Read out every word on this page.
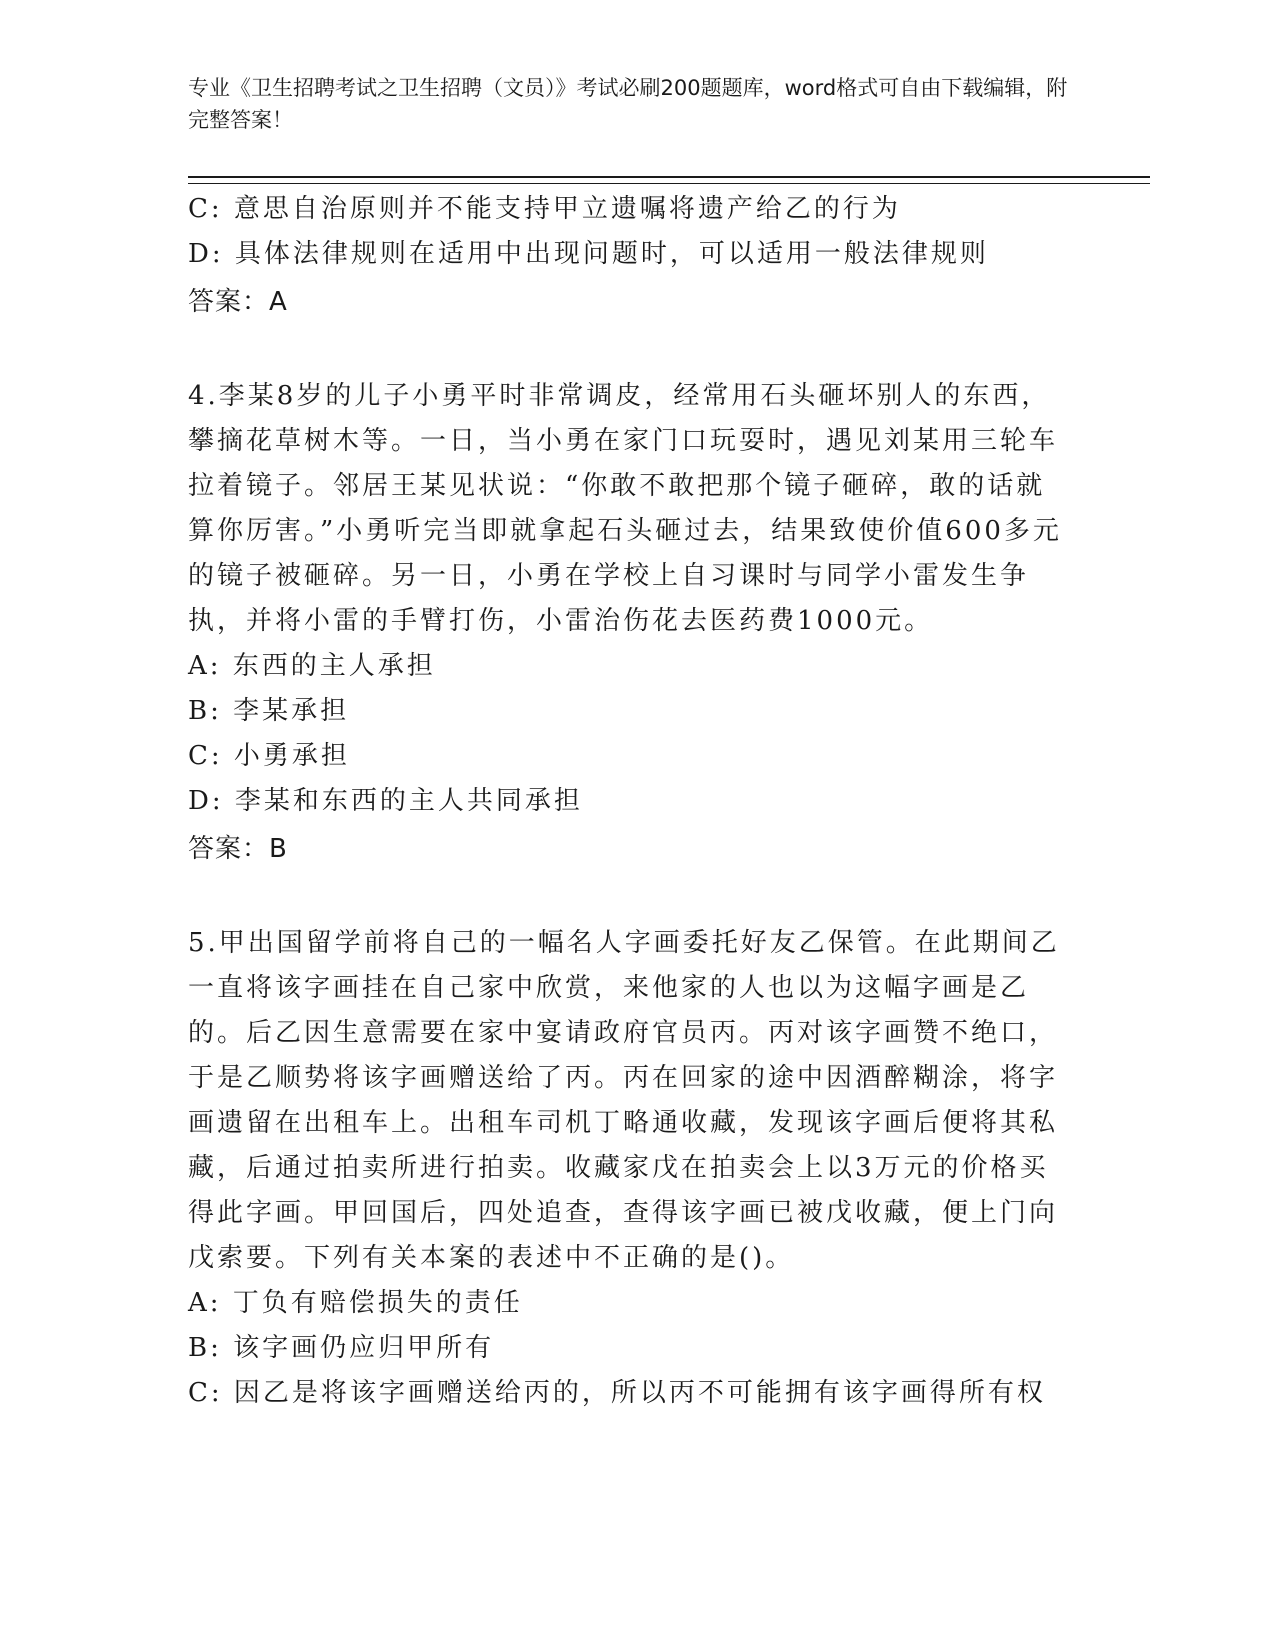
专业《卫生招聘考试之卫生招聘（文员）》考试必刷200题题库，word格式可自由下载编辑，附完整答案！
C: 意思自治原则并不能支持甲立遗嘱将遗产给乙的行为
D: 具体法律规则在适用中出现问题时，可以适用一般法律规则
答案：A
4.李某8岁的儿子小勇平时非常调皮，经常用石头砸坏别人的东西，攀摘花草树木等。一日，当小勇在家门口玩耍时，遇见刘某用三轮车拉着镜子。邻居王某见状说：“你敢不敢把那个镜子砸碎，敢的话就算你厉害。”小勇听完当即就拿起石头砸过去，结果致使价值600多元的镜子被砸碎。另一日，小勇在学校上自习课时与同学小雷发生争执，并将小雷的手臂打伤，小雷治伤花去医药费1000元。
A: 东西的主人承担
B: 李某承担
C: 小勇承担
D: 李某和东西的主人共同承担
答案：B
5.甲出国留学前将自己的一幅名人字画委托好友乙保管。在此期间乙一直将该字画挂在自己家中欣赏，来他家的人也以为这幅字画是乙的。后乙因生意需要在家中宴请政府官员丙。丙对该字画赞不绝口，于是乙顺势将该字画赠送给了丙。丙在回家的途中因酒醉糊涂，将字画遗留在出租车上。出租车司机丁略通收藏，发现该字画后便将其私藏，后通过拍卖所进行拍卖。收藏家戊在拍卖会上以3万元的价格买得此字画。甲回国后，四处追查，查得该字画已被戊收藏，便上门向戊索要。下列有关本案的表述中不正确的是()。
A: 丁负有赔偿损失的责任
B: 该字画仍应归甲所有
C: 因乙是将该字画赠送给丙的，所以丙不可能拥有该字画得所有权
